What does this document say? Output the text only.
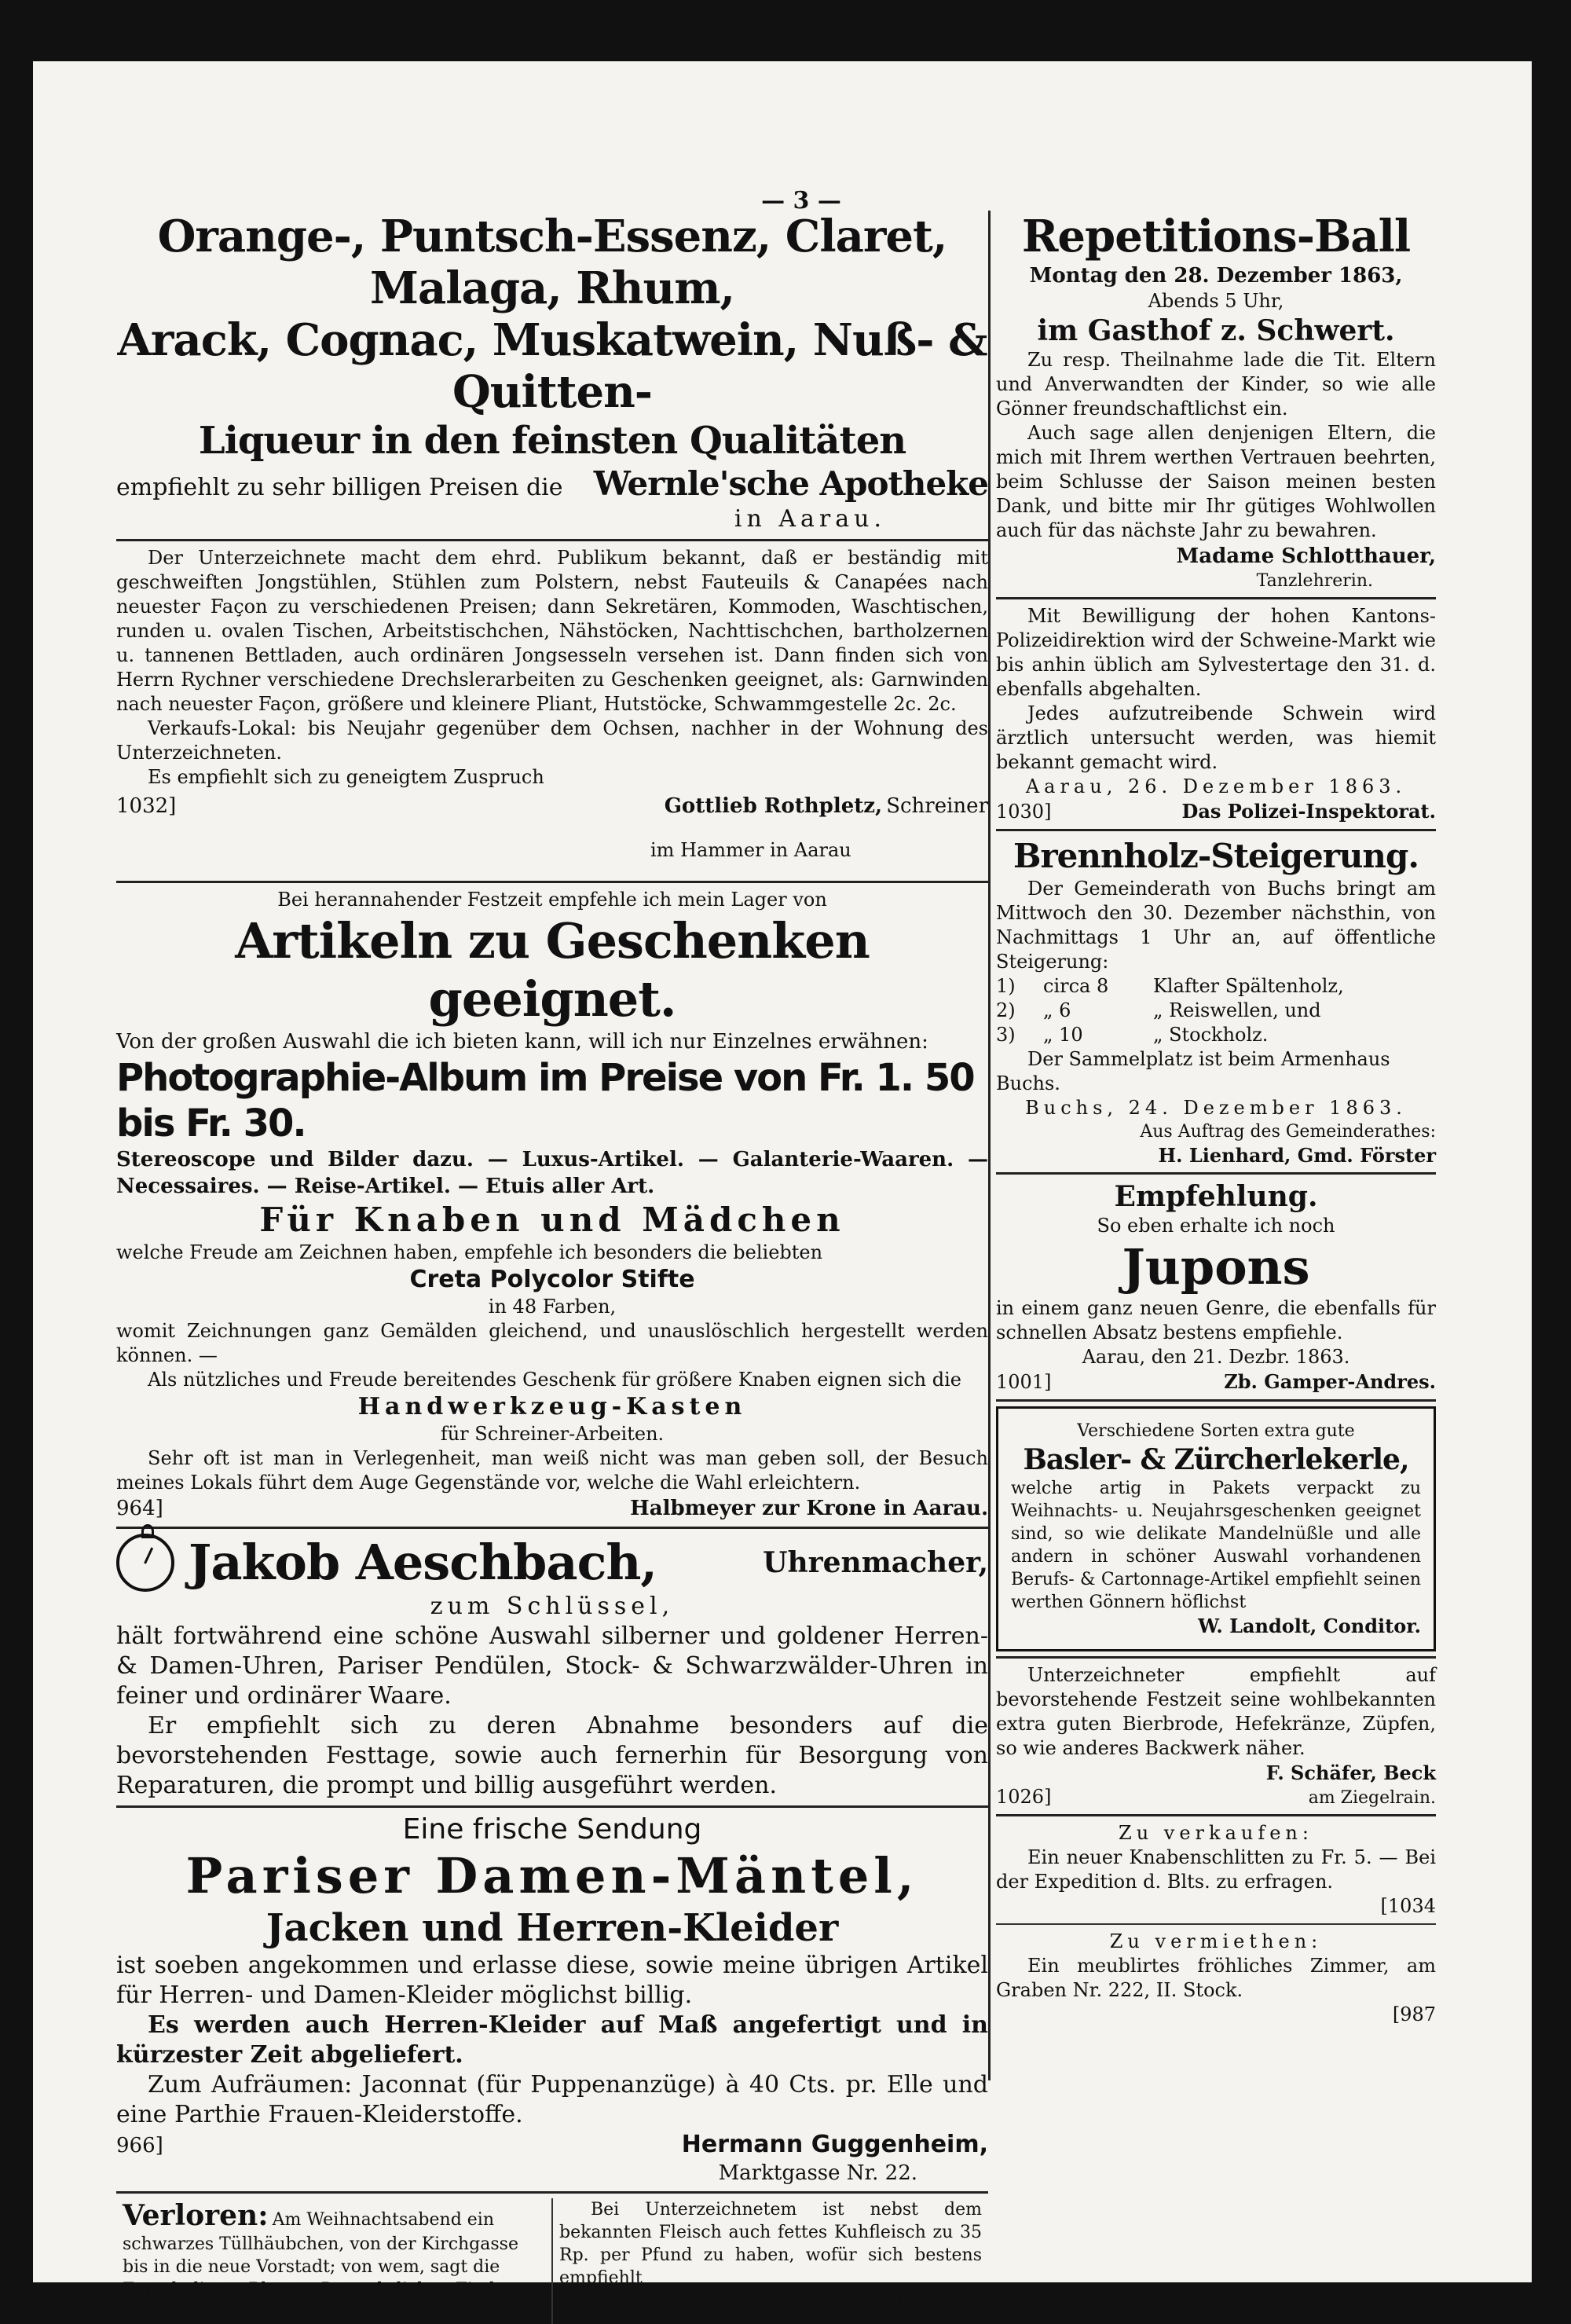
— 3 —
Orange-, Puntsch-Essenz, Claret, Malaga, Rhum,
Arack, Cognac, Muskatwein, Nuß- & Quitten-
Liqueur in den feinsten Qualitäten
empfiehlt zu sehr billigen Preisen die Wernle'sche Apotheke
in Aarau.
Der Unterzeichnete macht dem ehrd. Publikum bekannt, daß er beständig mit geschweiften Jongstühlen, Stühlen zum Polstern, nebst Fauteuils & Canapées nach neuester Façon zu verschiedenen Preisen; dann Sekretären, Kommoden, Waschtischen, runden u. ovalen Tischen, Arbeitstischchen, Nähstöcken, Nachttischchen, bartholzernen u. tannenen Bettladen, auch ordinären Jongsesseln versehen ist. Dann finden sich von Herrn Rychner verschiedene Drechslerarbeiten zu Geschenken geeignet, als: Garnwinden nach neuester Façon, größere und kleinere Pliant, Hutstöcke, Schwammgestelle 2c. 2c.
Verkaufs-Lokal: bis Neujahr gegenüber dem Ochsen, nachher in der Wohnung des Unterzeichneten.
Es empfiehlt sich zu geneigtem Zuspruch
1032]	Gottlieb Rothpletz, Schreiner
im Hammer in Aarau
Bei herannahender Festzeit empfehle ich mein Lager von
Artikeln zu Geschenken geeignet.
Von der großen Auswahl die ich bieten kann, will ich nur Einzelnes erwähnen:
Photographie-Album im Preise von Fr. 1. 50 bis Fr. 30.
Stereoscope und Bilder dazu. — Luxus-Artikel. — Galanterie-Waaren. — Necessaires. — Reise-Artikel. — Etuis aller Art.
Für Knaben und Mädchen
welche Freude am Zeichnen haben, empfehle ich besonders die beliebten
Creta Polycolor Stifte
in 48 Farben,
womit Zeichnungen ganz Gemälden gleichend, und unauslöschlich hergestellt werden können. —
Als nützliches und Freude bereitendes Geschenk für größere Knaben eignen sich die
Handwerkzeug-Kasten
für Schreiner-Arbeiten.
Sehr oft ist man in Verlegenheit, man weiß nicht was man geben soll, der Besuch meines Lokals führt dem Auge Gegenstände vor, welche die Wahl erleichtern.
964]	Halbmeyer zur Krone in Aarau.
Jakob Aeschbach,	Uhrenmacher,
zum Schlüssel,
hält fortwährend eine schöne Auswahl silberner und goldener Herren- & Damen-Uhren, Pariser Pendülen, Stock- & Schwarzwälder-Uhren in feiner und ordinärer Waare.
Er empfiehlt sich zu deren Abnahme besonders auf die bevorstehenden Festtage, sowie auch fernerhin für Besorgung von Reparaturen, die prompt und billig ausgeführt werden.
Eine frische Sendung
Pariser Damen-Mäntel,
Jacken und Herren-Kleider
ist soeben angekommen und erlasse diese, sowie meine übrigen Artikel für Herren- und Damen-Kleider möglichst billig.
Es werden auch Herren-Kleider auf Maß angefertigt und in kürzester Zeit abgeliefert.
Zum Aufräumen: Jaconnat (für Puppenanzüge) à 40 Cts. pr. Elle und eine Parthie Frauen-Kleiderstoffe.
966]	Hermann Guggenheim,
Marktgasse Nr. 22.
Verloren: Am Weihnachtsabend ein schwarzes Tüllhäubchen, von der Kirchgasse bis in die neue Vorstadt; von wem, sagt die Exped. dieses Blattes. Dem ehrlichen Finder ein Trinkgeld.
Bei Unterzeichnetem ist nebst dem bekannten Fleisch auch fettes Kuhfleisch zu 35 Rp. per Pfund zu haben, wofür sich bestens empfiehlt
Gottl. Siebenmann, Metzger.
Repetitions-Ball
Montag den 28. Dezember 1863,
Abends 5 Uhr,
im Gasthof z. Schwert.
Zu resp. Theilnahme lade die Tit. Eltern und Anverwandten der Kinder, so wie alle Gönner freundschaftlichst ein.
Auch sage allen denjenigen Eltern, die mich mit Ihrem werthen Vertrauen beehrten, beim Schlusse der Saison meinen besten Dank, und bitte mir Ihr gütiges Wohlwollen auch für das nächste Jahr zu bewahren.
Madame Schlotthauer,
Tanzlehrerin.
Mit Bewilligung der hohen Kantons-Polizeidirektion wird der Schweine-Markt wie bis anhin üblich am Sylvestertage den 31. d. ebenfalls abgehalten.
Jedes aufzutreibende Schwein wird ärztlich untersucht werden, was hiemit bekannt gemacht wird.
Aarau, 26. Dezember 1863.
1030]	Das Polizei-Inspektorat.
Brennholz-Steigerung.
Der Gemeinderath von Buchs bringt am Mittwoch den 30. Dezember nächsthin, von Nachmittags 1 Uhr an, auf öffentliche Steigerung:
1)	circa 8	Klafter Spältenholz,
2)	„ 6	„ Reiswellen, und
3)	„ 10	„ Stockholz.
Der Sammelplatz ist beim Armenhaus Buchs.
Buchs, 24. Dezember 1863.
Aus Auftrag des Gemeinderathes:
H. Lienhard, Gmd. Förster
Empfehlung.
So eben erhalte ich noch
Jupons
in einem ganz neuen Genre, die ebenfalls für schnellen Absatz bestens empfiehle.
Aarau, den 21. Dezbr. 1863.
1001]	Zb. Gamper-Andres.
Verschiedene Sorten extra gute
Basler- & Zürcherlekerle,
welche artig in Pakets verpackt zu Weihnachts- u. Neujahrsgeschenken geeignet sind, so wie delikate Mandelnüßle und alle andern in schöner Auswahl vorhandenen Berufs- & Cartonnage-Artikel empfiehlt seinen werthen Gönnern höflichst
W. Landolt, Conditor.
Unterzeichneter empfiehlt auf bevorstehende Festzeit seine wohlbekannten extra guten Bierbrode, Hefekränze, Züpfen, so wie anderes Backwerk näher.
F. Schäfer, Beck
1026]	am Ziegelrain.
Zu verkaufen:
Ein neuer Knabenschlitten zu Fr. 5. — Bei der Expedition d. Blts. zu erfragen.
[1034
Zu vermiethen:
Ein meublirtes fröhliches Zimmer, am Graben Nr. 222, II. Stock.
[987
